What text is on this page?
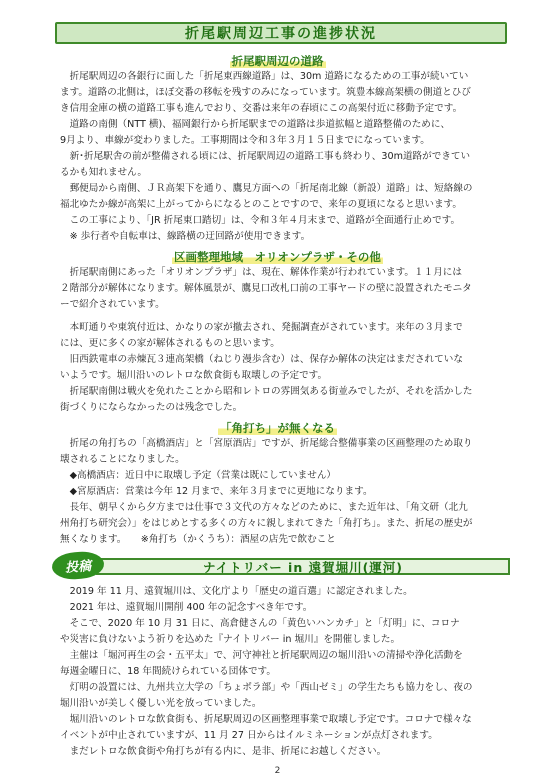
折尾駅周辺工事の進捗状況
折尾駅周辺の道路
折尾駅周辺の各銀行に面した「折尾東西線道路」は、30m 道路になるための工事が続いてい
ます。道路の北側は，ほぼ交番の移転を残すのみになっています。筑豊本線高架横の側道とひび
き信用金庫の横の道路工事も進んでおり、交番は来年の春頃にこの高架付近に移動予定です。
道路の南側（NTT 横)、福岡銀行から折尾駅までの道路は歩道拡幅と道路整備のために、
9月より、車線が変わりました。工事期間は令和３年３月１５日までになっています。
新･折尾駅舎の前が整備される頃には、折尾駅周辺の道路工事も終わり、30m道路ができてい
るかも知れません。
郵便局から南側、ＪＲ高架下を通り、鷹見方面への「折尾南北線（新設）道路」は、短絡線の
福北ゆたか線が高架に上がってからになるとのことですので、来年の夏頃になると思います。
この工事により、「JR 折尾東口踏切」は、令和３年４月末まで、道路が全面通行止めです。
※ 歩行者や自転車は、線路横の迂回路が使用できます。
区画整理地域　オリオンプラザ・その他
折尾駅南側にあった「オリオンプラザ」は、現在、解体作業が行われています。１１月には
２階部分が解体になります。解体風景が、鷹見口改札口前の工事ヤードの壁に設置されたモニタ
ーで紹介されています。
本町通りや東筑付近は、かなりの家が撤去され、発掘調査がされています。来年の３月まで
には、更に多くの家が解体されるものと思います。
旧西鉄電車の赤煉瓦３連高架橋（ねじり漫歩含む）は、保存か解体の決定はまだされていな
いようです。堀川沿いのレトロな飲食街も取壊しの予定です。
折尾駅南側は戦火を免れたことから昭和レトロの雰囲気ある街並みでしたが、それを活かした
街づくりにならなかったのは残念でした。
「角打ち」が無くなる
折尾の角打ちの「高橋酒店」と「宮原酒店」ですが、折尾総合整備事業の区画整理のため取り
壊されることになりました。
◆高橋酒店：近日中に取壊し予定（営業は既にしていません）
◆宮原酒店：営業は今年 12 月まで、来年３月までに更地になります。
長年、朝早くから夕方までは仕事で３文代の方々などのために、また近年は、「角文研（北九
州角打ち研究会）」をはじめとする多くの方々に親しまれてきた「角打ち」。また、折尾の歴史が
無くなります。　　※角打ち（かくうち）：酒屋の店先で飲むこと
ナイトリバー in 遠賀堀川(運河)
投稿
2019 年 11 月、遠賀堀川は、文化庁より「歴史の道百選」に認定されました。
2021 年は、遠賀堀川開削 400 年の記念すべき年です。
そこで、2020 年 10 月 31 日に、高倉健さんの「黄色いハンカチ」と「灯明」に、コロナ
や災害に負けないよう祈りを込めた『ナイトリバー in 堀川』を開催しました。
主催は「堀河再生の会・五平太」で、河守神社と折尾駅周辺の堀川沿いの清掃や浄化活動を
毎週金曜日に、18 年間続けられている団体です。
灯明の設置には、九州共立大学の「ちょボラ部」や「西山ゼミ」の学生たちも協力をし、夜の
堀川沿いが美しく優しい光を放っていました。
堀川沿いのレトロな飲食街も、折尾駅周辺の区画整理事業で取壊し予定です。コロナで様々な
イベントが中止されていますが、11 月 27 日からはイルミネーションが点灯されます。
まだレトロな飲食街や角打ちが有る内に、是非、折尾にお越しください。
2
